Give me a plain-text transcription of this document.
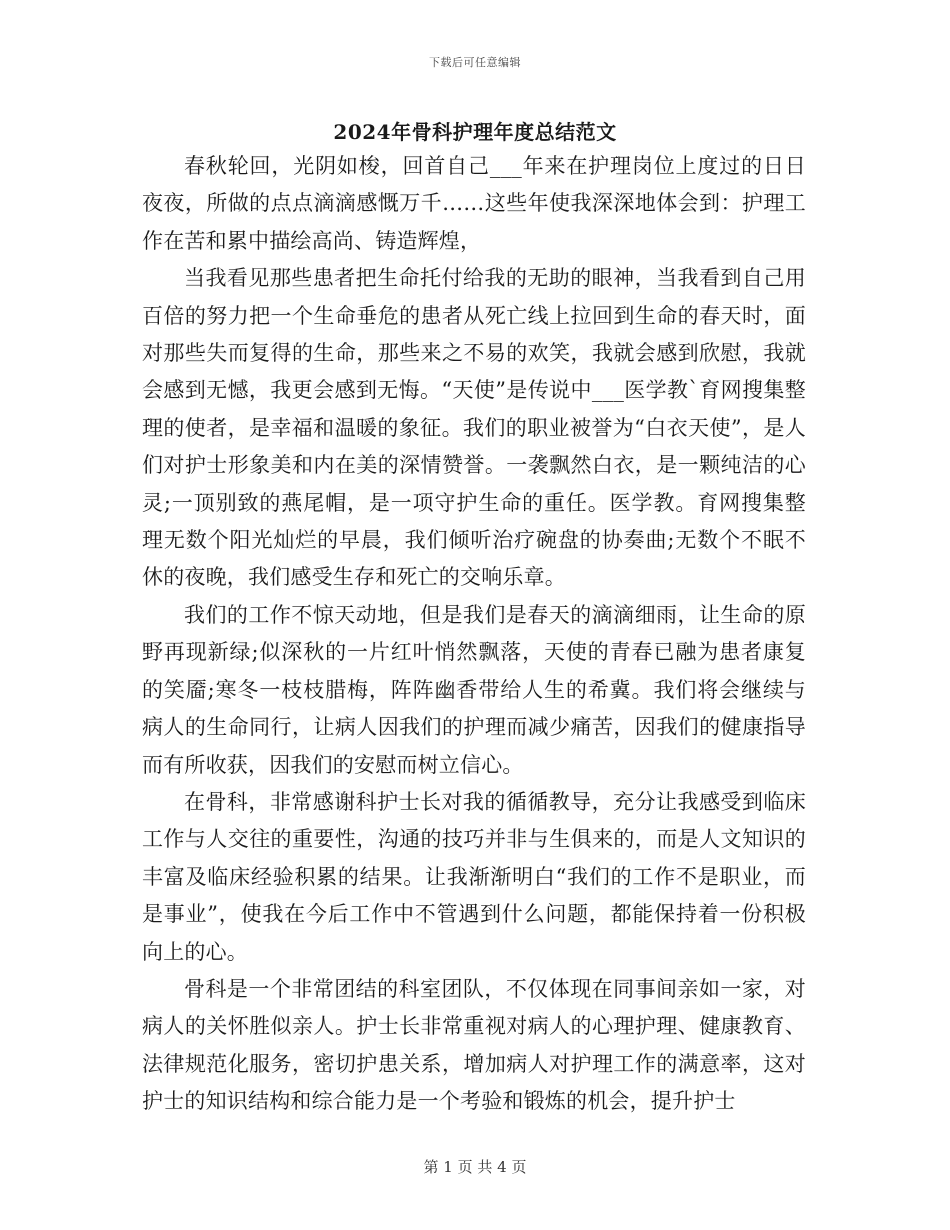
下载后可任意编辑
2024年骨科护理年度总结范文

春秋轮回，光阴如梭，回首自己___年来在护理岗位上度过的日日夜夜，所做的点点滴滴感慨万千……这些年使我深深地体会到：护理工作在苦和累中描绘高尚、铸造辉煌，

当我看见那些患者把生命托付给我的无助的眼神，当我看到自己用百倍的努力把一个生命垂危的患者从死亡线上拉回到生命的春天时，面对那些失而复得的生命，那些来之不易的欢笑，我就会感到欣慰，我就会感到无憾，我更会感到无悔。“天使”是传说中___医学教`育网搜集整理的使者，是幸福和温暖的象征。我们的职业被誉为“白衣天使”，是人们对护士形象美和内在美的深情赞誉。一袭飘然白衣，是一颗纯洁的心灵;一顶别致的燕尾帽，是一项守护生命的重任。医学教。育网搜集整理无数个阳光灿烂的早晨，我们倾听治疗碗盘的协奏曲;无数个不眠不休的夜晚，我们感受生存和死亡的交响乐章。

我们的工作不惊天动地，但是我们是春天的滴滴细雨，让生命的原野再现新绿;似深秋的一片红叶悄然飘落，天使的青春已融为患者康复的笑靥;寒冬一枝枝腊梅，阵阵幽香带给人生的希冀。我们将会继续与病人的生命同行，让病人因我们的护理而减少痛苦，因我们的健康指导而有所收获，因我们的安慰而树立信心。

在骨科，非常感谢科护士长对我的循循教导，充分让我感受到临床工作与人交往的重要性，沟通的技巧并非与生俱来的，而是人文知识的丰富及临床经验积累的结果。让我渐渐明白“我们的工作不是职业，而是事业”，使我在今后工作中不管遇到什么问题，都能保持着一份积极向上的心。

骨科是一个非常团结的科室团队，不仅体现在同事间亲如一家，对病人的关怀胜似亲人。护士长非常重视对病人的心理护理、健康教育、法律规范化服务，密切护患关系，增加病人对护理工作的满意率，这对护士的知识结构和综合能力是一个考验和锻炼的机会，提升护士

第 1 页 共 4 页
